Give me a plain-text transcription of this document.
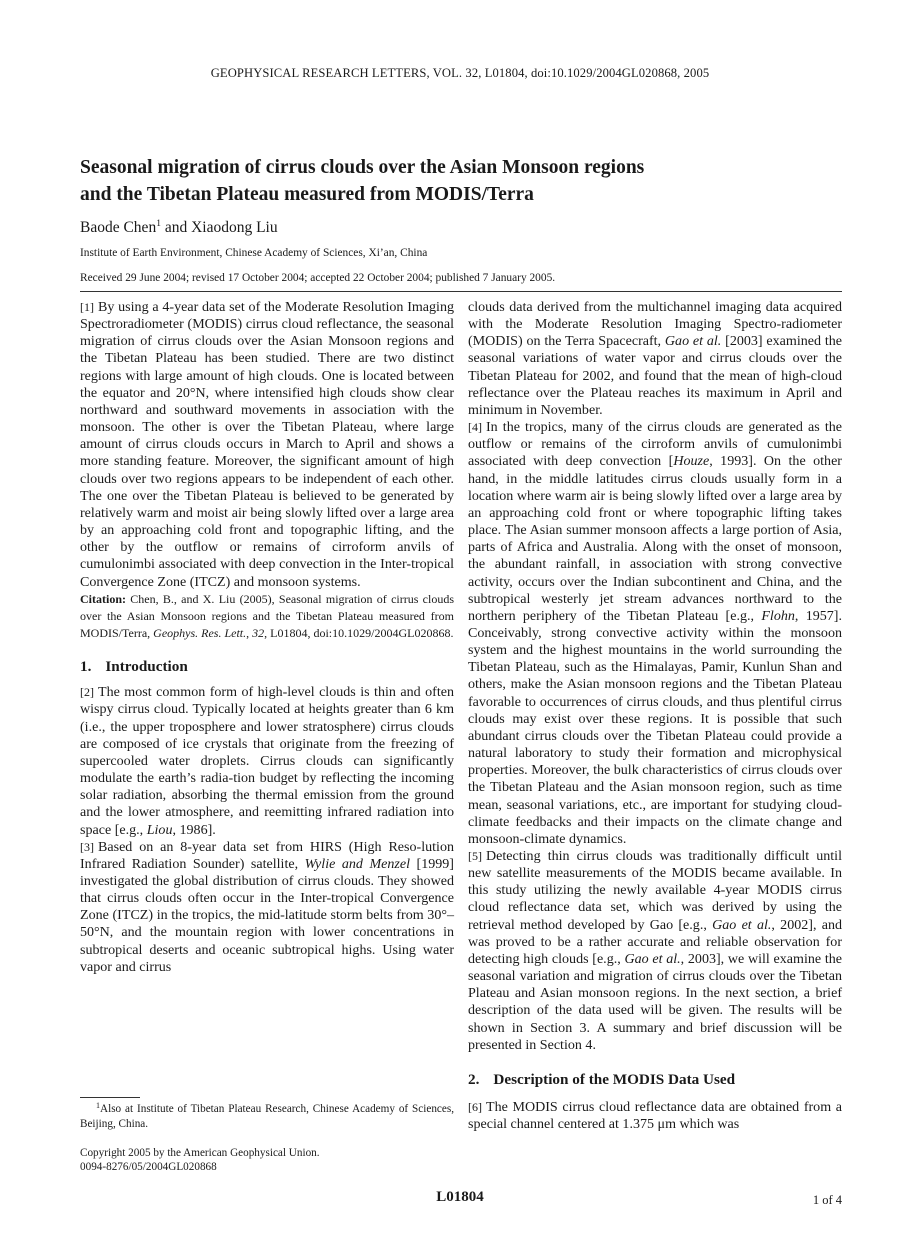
GEOPHYSICAL RESEARCH LETTERS, VOL. 32, L01804, doi:10.1029/2004GL020868, 2005
Seasonal migration of cirrus clouds over the Asian Monsoon regions
and the Tibetan Plateau measured from MODIS/Terra
Baode Chen$^1$ and Xiaodong Liu
Institute of Earth Environment, Chinese Academy of Sciences, Xi’an, China
Received 29 June 2004; revised 17 October 2004; accepted 22 October 2004; published 7 January 2005.

[1] By using a 4-year data set of the Moderate Resolution Imaging Spectroradiometer (MODIS) cirrus cloud reflectance, the seasonal migration of cirrus clouds over the Asian Monsoon regions and the Tibetan Plateau has been studied. There are two distinct regions with large amount of high clouds. One is located between the equator and 20°N, where intensified high clouds show clear northward and southward movements in association with the monsoon. The other is over the Tibetan Plateau, where large amount of cirrus clouds occurs in March to April and shows a more standing feature. Moreover, the significant amount of high clouds over two regions appears to be independent of each other. The one over the Tibetan Plateau is believed to be generated by relatively warm and moist air being slowly lifted over a large area by an approaching cold front and topographic lifting, and the other by the outflow or remains of cirroform anvils of cumulonimbi associated with deep convection in the Inter-tropical Convergence Zone (ITCZ) and monsoon systems.

Citation: Chen, B., and X. Liu (2005), Seasonal migration of cirrus clouds over the Asian Monsoon regions and the Tibetan Plateau measured from MODIS/Terra, Geophys. Res. Lett., 32, L01804, doi:10.1029/2004GL020868.

1. Introduction

[2] The most common form of high-level clouds is thin and often wispy cirrus cloud. Typically located at heights greater than 6 km (i.e., the upper troposphere and lower stratosphere) cirrus clouds are composed of ice crystals that originate from the freezing of supercooled water droplets. Cirrus clouds can significantly modulate the earth’s radia-tion budget by reflecting the incoming solar radiation, absorbing the thermal emission from the ground and the lower atmosphere, and reemitting infrared radiation into space [e.g., Liou, 1986].

[3] Based on an 8-year data set from HIRS (High Reso-lution Infrared Radiation Sounder) satellite, Wylie and Menzel [1999] investigated the global distribution of cirrus clouds. They showed that cirrus clouds often occur in the Inter-tropical Convergence Zone (ITCZ) in the tropics, the mid-latitude storm belts from 30°–50°N, and the mountain region with lower concentrations in subtropical deserts and oceanic subtropical highs. Using water vapor and cirrus

clouds data derived from the multichannel imaging data acquired with the Moderate Resolution Imaging Spectro-radiometer (MODIS) on the Terra Spacecraft, Gao et al. [2003] examined the seasonal variations of water vapor and cirrus clouds over the Tibetan Plateau for 2002, and found that the mean of high-cloud reflectance over the Plateau reaches its maximum in April and minimum in November.

[4] In the tropics, many of the cirrus clouds are generated as the outflow or remains of the cirroform anvils of cumulonimbi associated with deep convection [Houze, 1993]. On the other hand, in the middle latitudes cirrus clouds usually form in a location where warm air is being slowly lifted over a large area by an approaching cold front or where topographic lifting takes place. The Asian summer monsoon affects a large portion of Asia, parts of Africa and Australia. Along with the onset of monsoon, the abundant rainfall, in association with strong convective activity, occurs over the Indian subcontinent and China, and the subtropical westerly jet stream advances northward to the northern periphery of the Tibetan Plateau [e.g., Flohn, 1957]. Conceivably, strong convective activity within the monsoon system and the highest mountains in the world surrounding the Tibetan Plateau, such as the Himalayas, Pamir, Kunlun Shan and others, make the Asian monsoon regions and the Tibetan Plateau favorable to occurrences of cirrus clouds, and thus plentiful cirrus clouds may exist over these regions. It is possible that such abundant cirrus clouds over the Tibetan Plateau could provide a natural laboratory to study their formation and microphysical properties. Moreover, the bulk characteristics of cirrus clouds over the Tibetan Plateau and the Asian monsoon region, such as time mean, seasonal variations, etc., are important for studying cloud-climate feedbacks and their impacts on the climate change and monsoon-climate dynamics.

[5] Detecting thin cirrus clouds was traditionally difficult until new satellite measurements of the MODIS became available. In this study utilizing the newly available 4-year MODIS cirrus cloud reflectance data set, which was derived by using the retrieval method developed by Gao [e.g., Gao et al., 2002], and was proved to be a rather accurate and reliable observation for detecting high clouds [e.g., Gao et al., 2003], we will examine the seasonal variation and migration of cirrus clouds over the Tibetan Plateau and Asian monsoon regions. In the next section, a brief description of the data used will be given. The results will be shown in Section 3. A summary and brief discussion will be presented in Section 4.

2. Description of the MODIS Data Used

[6] The MODIS cirrus cloud reflectance data are obtained from a special channel centered at 1.375 μm which was

$^1$Also at Institute of Tibetan Plateau Research, Chinese Academy of Sciences, Beijing, China.
Copyright 2005 by the American Geophysical Union.
0094-8276/05/2004GL020868
L01804	1 of 4
